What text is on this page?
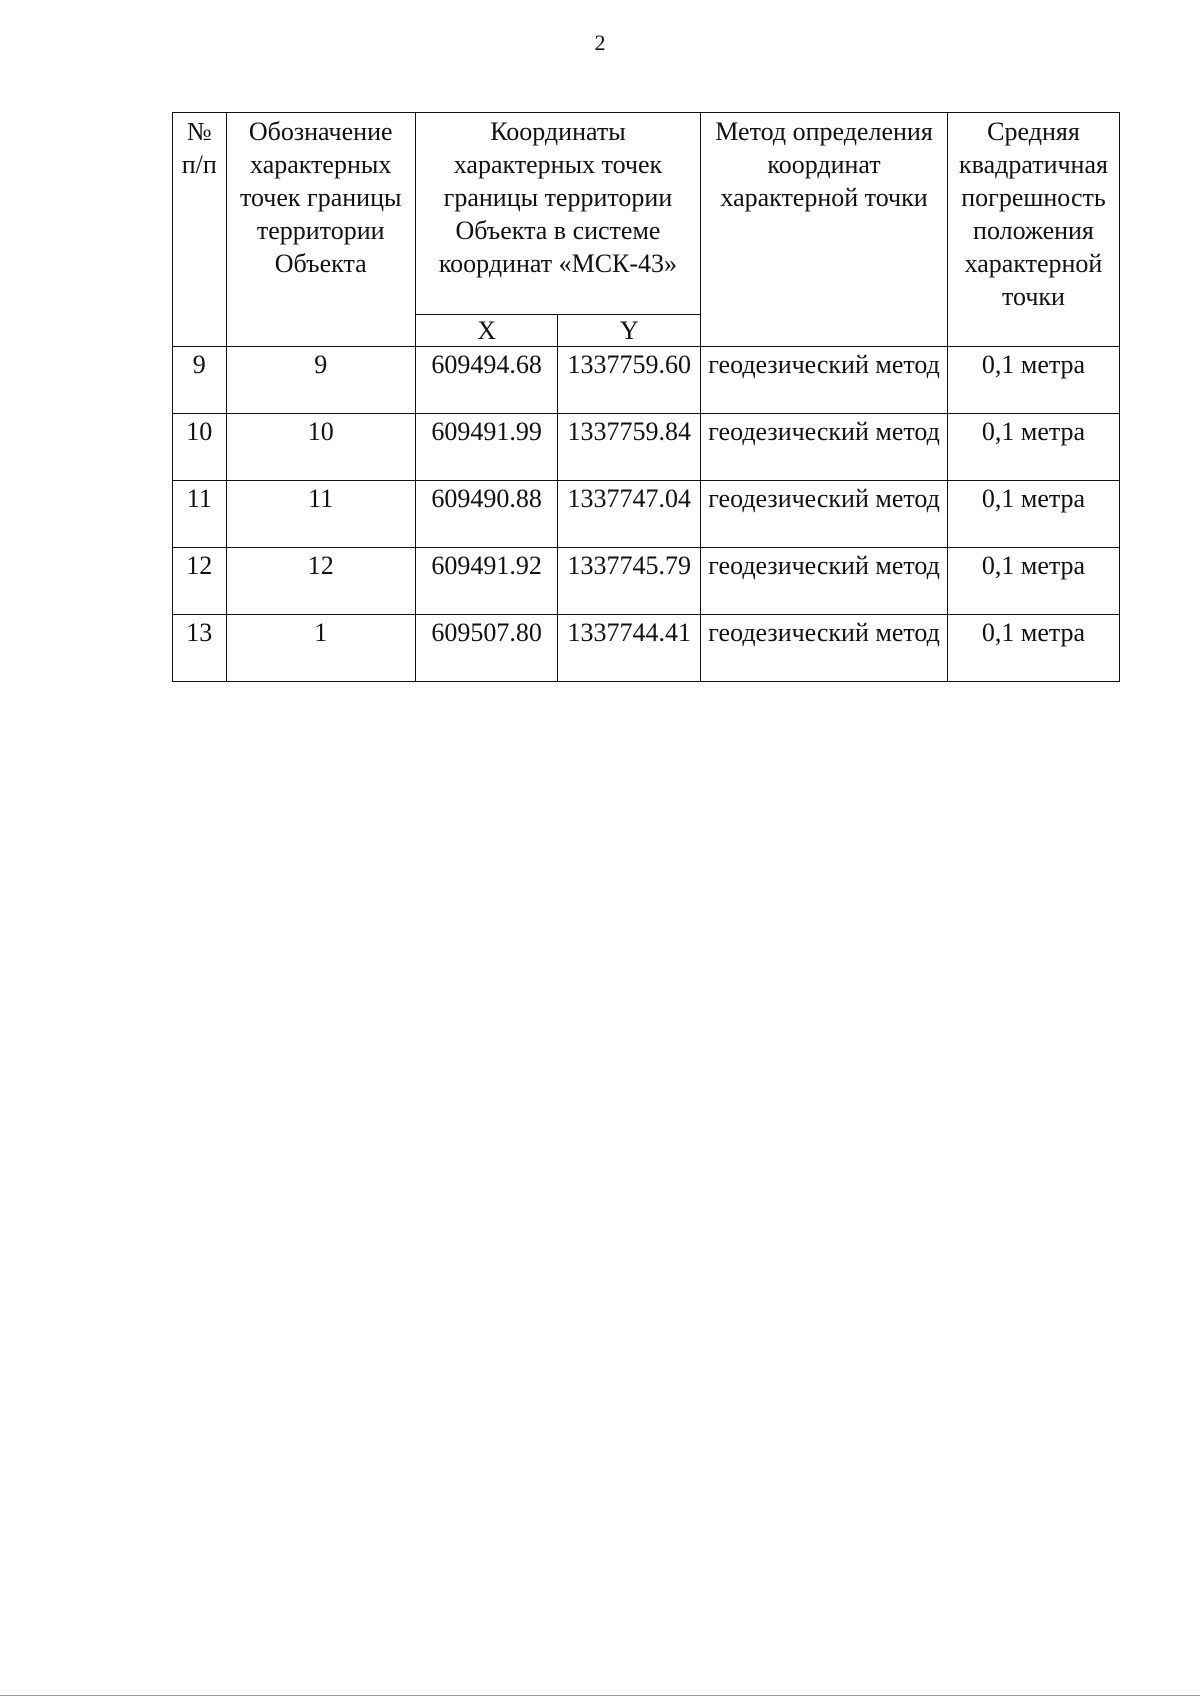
2
№ п/п	Обозначение характерных точек границы территории Объекта	Координаты характерных точек границы территории Объекта в системе координат «МСК-43»		Метод определения координат характерной точки	Средняя квадратичная погрешность положения характерной точки
		X	Y		
9	9	609494.68	1337759.60	геодезический метод	0,1 метра
10	10	609491.99	1337759.84	геодезический метод	0,1 метра
11	11	609490.88	1337747.04	геодезический метод	0,1 метра
12	12	609491.92	1337745.79	геодезический метод	0,1 метра
13	1	609507.80	1337744.41	геодезический метод	0,1 метра
